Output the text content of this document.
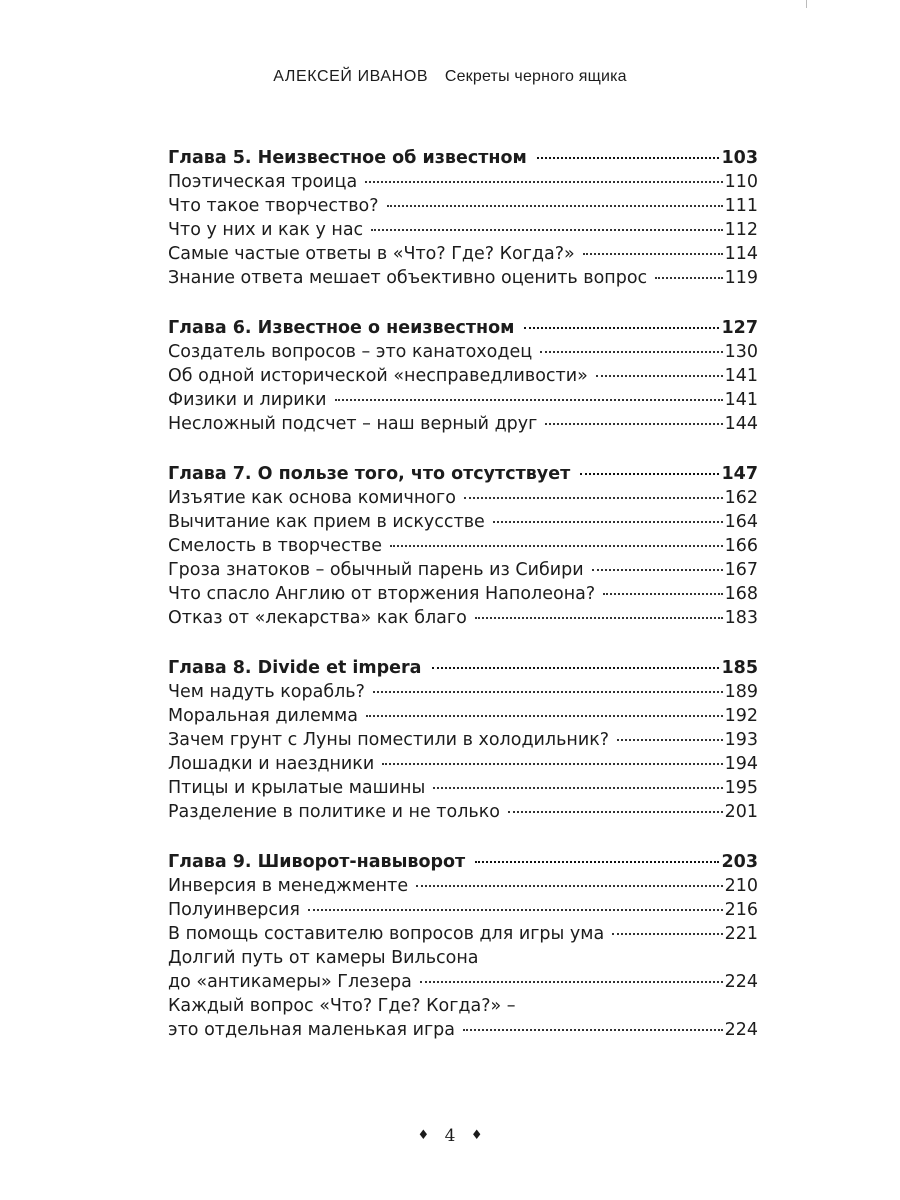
АЛЕКСЕЙ ИВАНОВ Секреты черного ящика
Глава 5. Неизвестное об известном	103
Поэтическая троица	110
Что такое творчество?	111
Что у них и как у нас	112
Самые частые ответы в «Что? Где? Когда?»	114
Знание ответа мешает объективно оценить вопрос	119
Глава 6. Известное о неизвестном	127
Создатель вопросов – это канатоходец	130
Об одной исторической «несправедливости»	141
Физики и лирики	141
Несложный подсчет – наш верный друг	144
Глава 7. О пользе того, что отсутствует	147
Изъятие как основа комичного	162
Вычитание как прием в искусстве	164
Смелость в творчестве	166
Гроза знатоков – обычный парень из Сибири	167
Что спасло Англию от вторжения Наполеона?	168
Отказ от «лекарства» как благо	183
Глава 8. Divide et impera	185
Чем надуть корабль?	189
Моральная дилемма	192
Зачем грунт с Луны поместили в холодильник?	193
Лошадки и наездники	194
Птицы и крылатые машины	195
Разделение в политике и не только	201
Глава 9. Шиворот-навыворот	203
Инверсия в менеджменте	210
Полуинверсия	216
В помощь составителю вопросов для игры ума	221
Долгий путь от камеры Вильсона
до «антикамеры» Глезера	224
Каждый вопрос «Что? Где? Когда?» –
это отдельная маленькая игра	224
♦ 4 ♦
